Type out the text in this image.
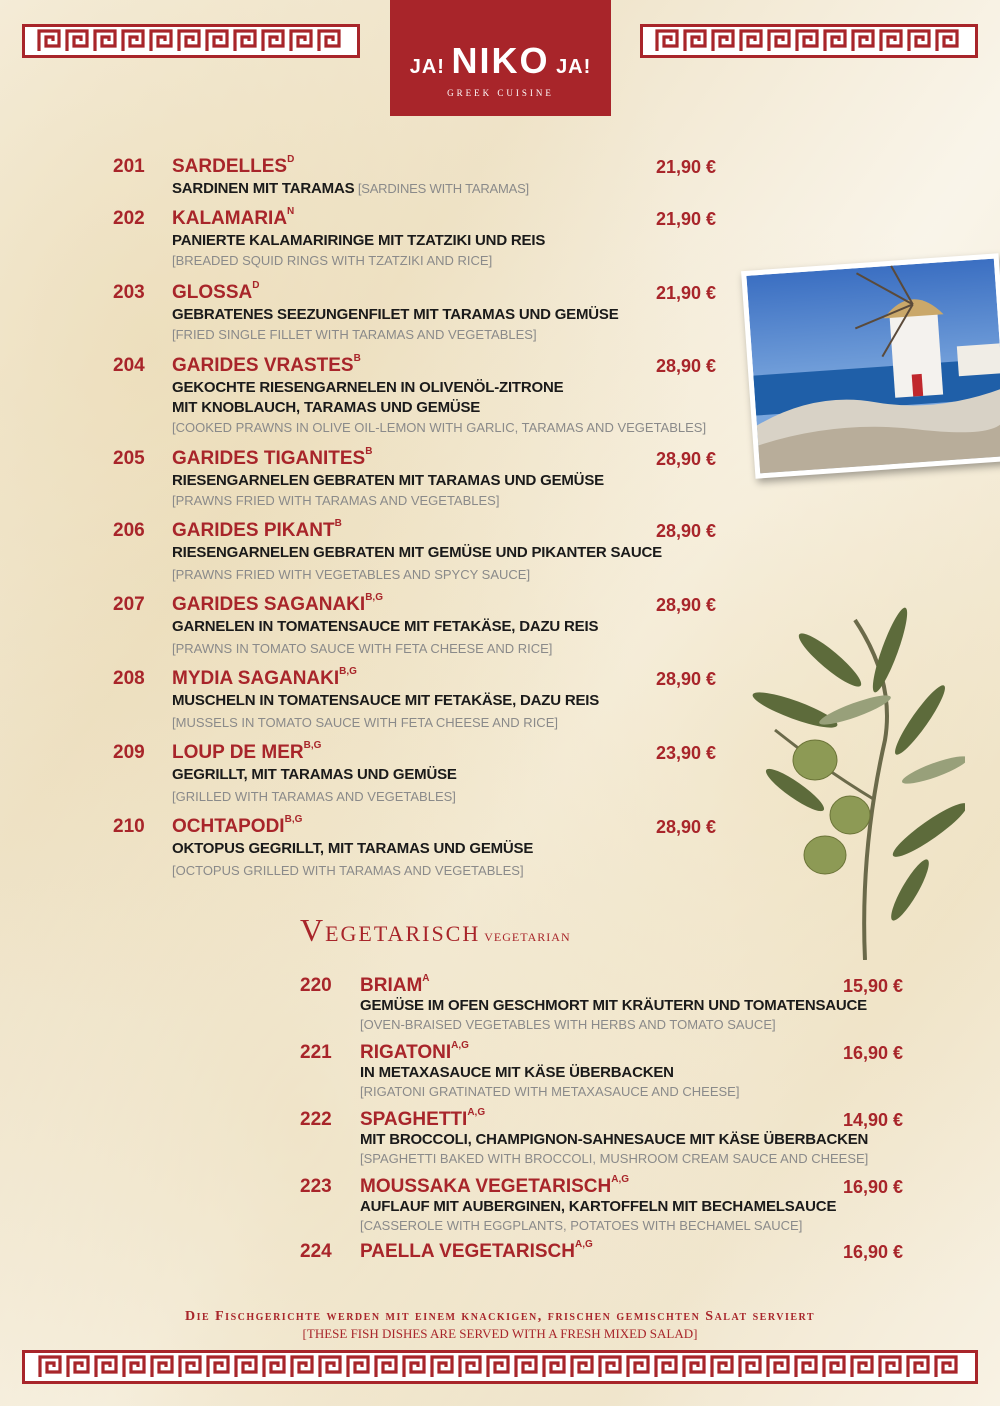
JA! NIKO JA!
GREEK CUISINE
201 $SARDELLES^D$	21,90 €
SARDINEN MIT TARAMAS [SARDINES WITH TARAMAS]
202 $KALAMARIA^N$	21,90 €
PANIERTE KALAMARIRINGE MIT TZATZIKI UND REIS
[BREADED SQUID RINGS WITH TZATZIKI AND RICE]
203 $GLOSSA^D$	21,90 €
GEBRATENES SEEZUNGENFILET MIT TARAMAS UND GEMÜSE
[FRIED SINGLE FILLET WITH TARAMAS AND VEGETABLES]
204 GARIDES $VRASTES^B$	28,90 €
GEKOCHTE RIESENGARNELEN IN OLIVENÖL-ZITRONE
MIT KNOBLAUCH, TARAMAS UND GEMÜSE
[COOKED PRAWNS IN OLIVE OIL-LEMON WITH GARLIC, TARAMAS AND VEGETABLES]
205 GARIDES $TIGANITES^B$	28,90 €
RIESENGARNELEN GEBRATEN MIT TARAMAS UND GEMÜSE
[PRAWNS FRIED WITH TARAMAS AND VEGETABLES]
206 GARIDES $PIKANT^B$	28,90 €
RIESENGARNELEN GEBRATEN MIT GEMÜSE UND PIKANTER SAUCE
[PRAWNS FRIED WITH VEGETABLES AND SPYCY SAUCE]
207 GARIDES $SAGANAKI^{B,G}$	28,90 €
GARNELEN IN TOMATENSAUCE MIT FETAKÄSE, DAZU REIS
[PRAWNS IN TOMATO SAUCE WITH FETA CHEESE AND RICE]
208 MYDIA $SAGANAKI^{B,G}$	28,90 €
MUSCHELN IN TOMATENSAUCE MIT FETAKÄSE, DAZU REIS
[MUSSELS IN TOMATO SAUCE WITH FETA CHEESE AND RICE]
209 LOUP DE $MER^{B,G}$	23,90 €
GEGRILLT, MIT TARAMAS UND GEMÜSE
[GRILLED WITH TARAMAS AND VEGETABLES]
210 $OCHTAPODI^{B,G}$	28,90 €
OKTOPUS GEGRILLT, MIT TARAMAS UND GEMÜSE
[OCTOPUS GRILLED WITH TARAMAS AND VEGETABLES]
Vegetarisch vegetarian
220 $BRIAM^A$	15,90 €
GEMÜSE IM OFEN GESCHMORT MIT KRÄUTERN UND TOMATENSAUCE
[OVEN-BRAISED VEGETABLES WITH HERBS AND TOMATO SAUCE]
221 $RIGATONI^{A,G}$	16,90 €
IN METAXASAUCE MIT KÄSE ÜBERBACKEN
[RIGATONI GRATINATED WITH METAXASAUCE AND CHEESE]
222 $SPAGHETTI^{A,G}$	14,90 €
MIT BROCCOLI, CHAMPIGNON-SAHNESAUCE MIT KÄSE ÜBERBACKEN
[SPAGHETTI BAKED WITH BROCCOLI, MUSHROOM CREAM SAUCE AND CHEESE]
223 MOUSSAKA $VEGETARISCH^{A,G}$	16,90 €
AUFLAUF MIT AUBERGINEN, KARTOFFELN MIT BECHAMELSAUCE
[CASSEROLE WITH EGGPLANTS, POTATOES WITH BECHAMEL SAUCE]
224 PAELLA $VEGETARISCH^{A,G}$	16,90 €
Die Fischgerichte werden mit einem knackigen, frischen gemischten Salat serviert
[THESE FISH DISHES ARE SERVED WITH A FRESH MIXED SALAD]
